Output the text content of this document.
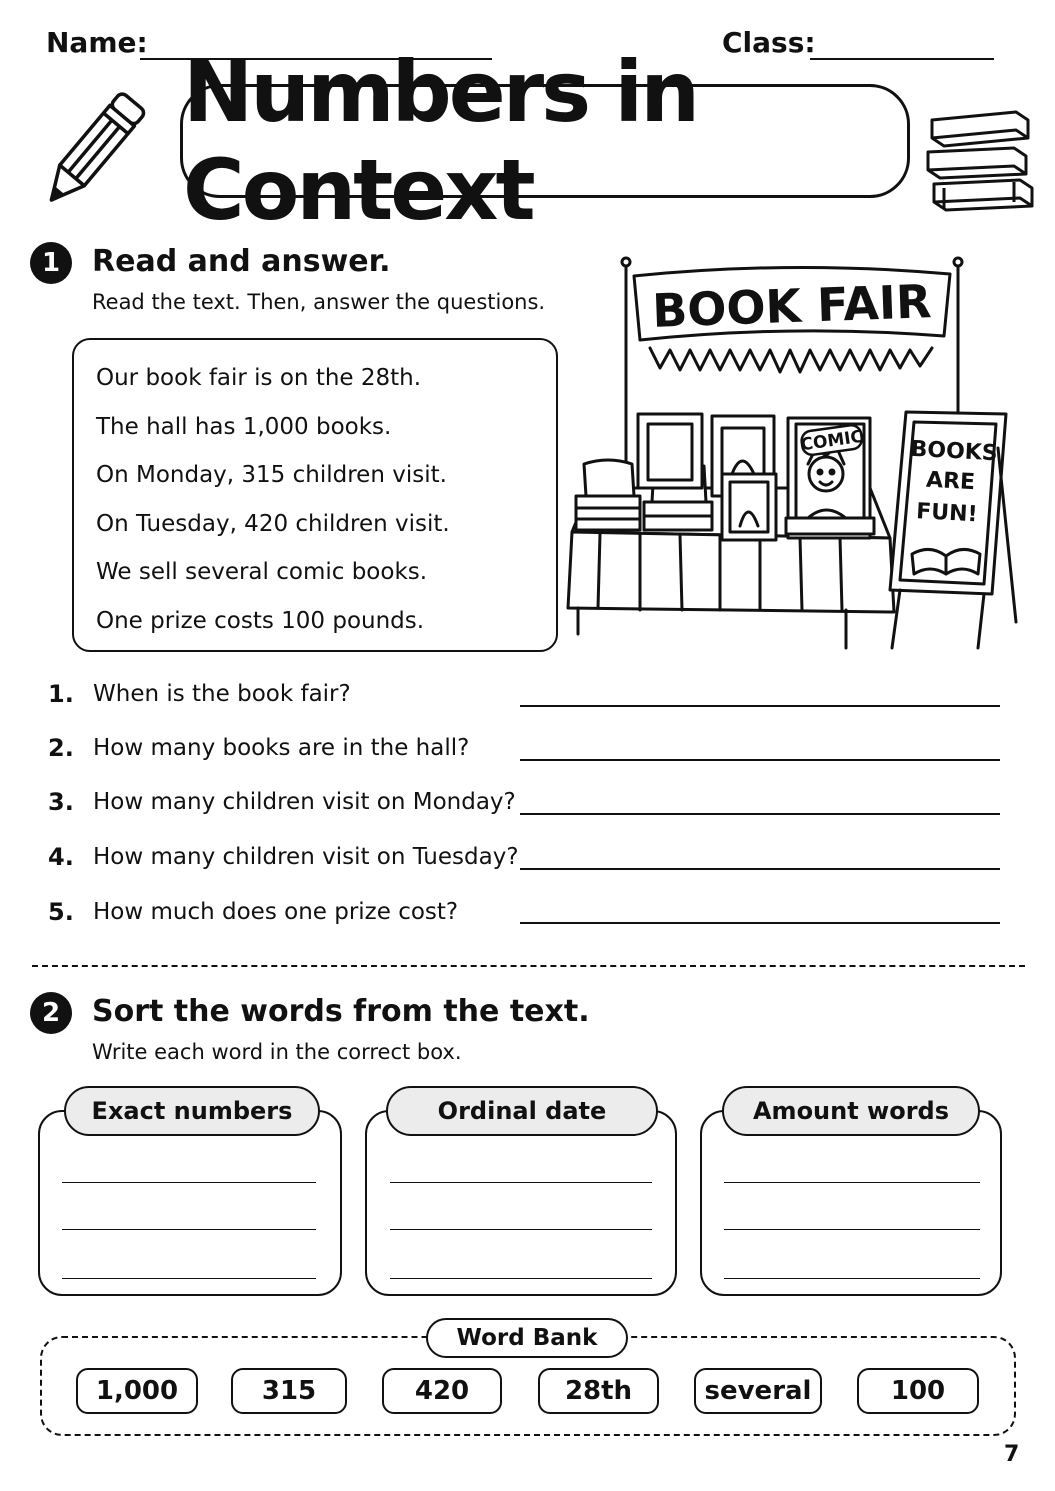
Name:	Class:
Numbers in Context
1	Read and answer.
Read the text. Then, answer the questions.
Our book fair is on the 28th.
The hall has 1,000 books.
On Monday, 315 children visit.
On Tuesday, 420 children visit.
We sell several comic books.
One prize costs 100 pounds.
BOOK FAIR
COMIC BOOKS
ARE
FUN!
1. When is the book fair?
2. How many books are in the hall?
3. How many children visit on Monday?
4. How many children visit on Tuesday?
5. How much does one prize cost?
2	Sort the words from the text.
Write each word in the correct box.
Exact numbers	Ordinal date	Amount words
Word Bank
1,000	315	420	28th	several	100
7
